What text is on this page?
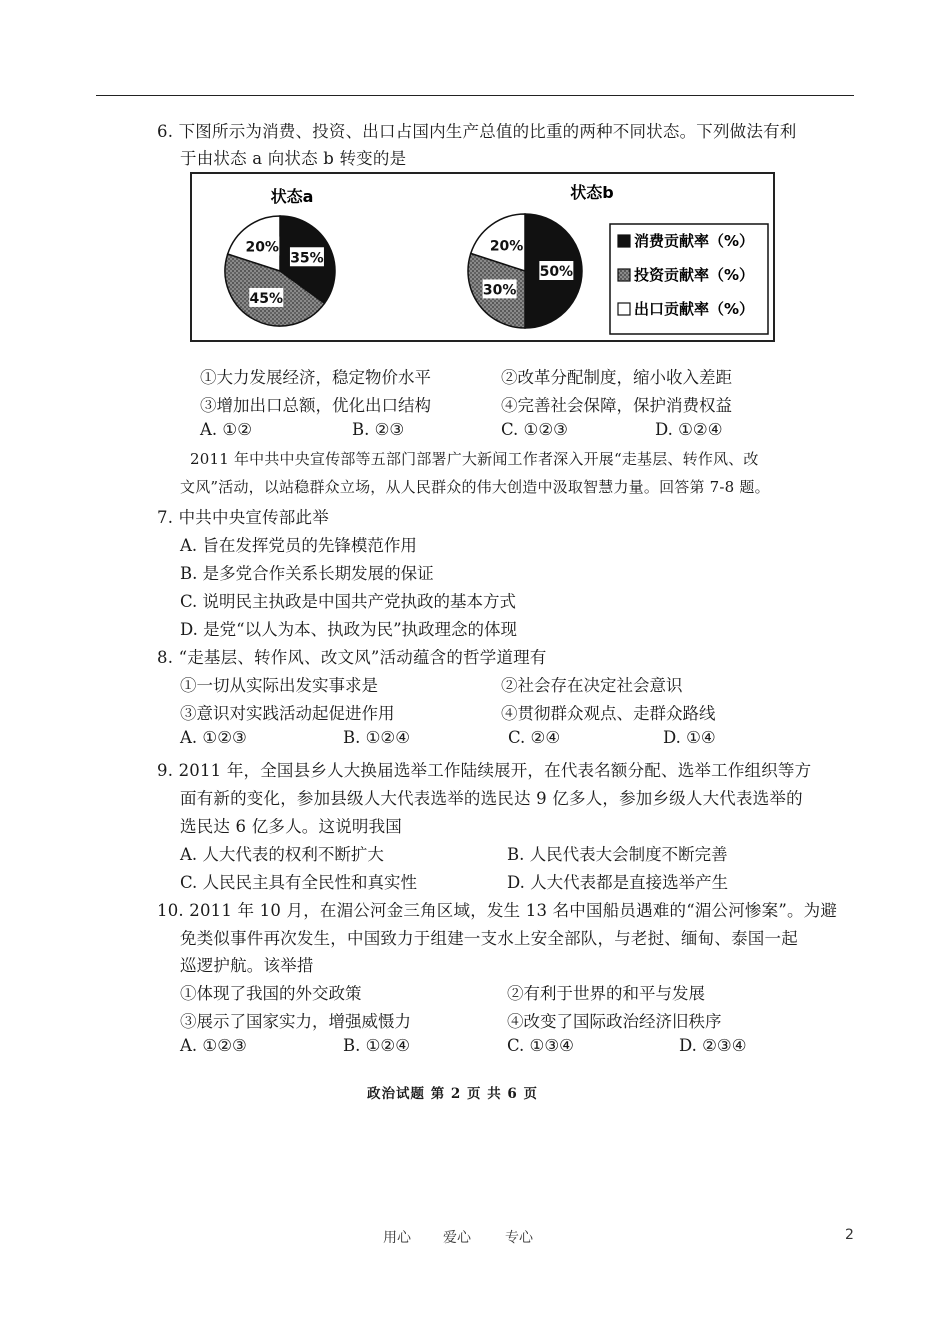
6. 下图所示为消费、投资、出口占国内生产总值的比重的两种不同状态。下列做法有利
于由状态 a 向状态 b 转变的是
状态a	状态b
35%
45%
20%
50%
30%
20%	消费贡献率（%）
投资贡献率（%）
出口贡献率（%）
①大力发展经济，稳定物价水平	②改革分配制度，缩小收入差距
③增加出口总额，优化出口结构	④完善社会保障，保护消费权益
A. ①②	B. ②③	C. ①②③	D. ①②④
2011 年中共中央宣传部等五部门部署广大新闻工作者深入开展“走基层、转作风、改
文风”活动，以站稳群众立场，从人民群众的伟大创造中汲取智慧力量。回答第 7-8 题。
7. 中共中央宣传部此举
A. 旨在发挥党员的先锋模范作用
B. 是多党合作关系长期发展的保证
C. 说明民主执政是中国共产党执政的基本方式
D. 是党“以人为本、执政为民”执政理念的体现
8. “走基层、转作风、改文风”活动蕴含的哲学道理有
①一切从实际出发实事求是	②社会存在决定社会意识
③意识对实践活动起促进作用	④贯彻群众观点、走群众路线
A. ①②③	B. ①②④	C. ②④	D. ①④
9. 2011 年，全国县乡人大换届选举工作陆续展开，在代表名额分配、选举工作组织等方
面有新的变化，参加县级人大代表选举的选民达 9 亿多人，参加乡级人大代表选举的
选民达 6 亿多人。这说明我国
A. 人大代表的权利不断扩大	B. 人民代表大会制度不断完善
C. 人民民主具有全民性和真实性	D. 人大代表都是直接选举产生
10. 2011 年 10 月，在湄公河金三角区域，发生 13 名中国船员遇难的“湄公河惨案”。为避
免类似事件再次发生，中国致力于组建一支水上安全部队，与老挝、缅甸、泰国一起
巡逻护航。该举措
①体现了我国的外交政策	②有利于世界的和平与发展
③展示了国家实力，增强威慑力	④改变了国际政治经济旧秩序
A. ①②③	B. ①②④	C. ①③④	D. ②③④
政治试题 第 2 页 共 6 页
用心 爱心 专心	2
